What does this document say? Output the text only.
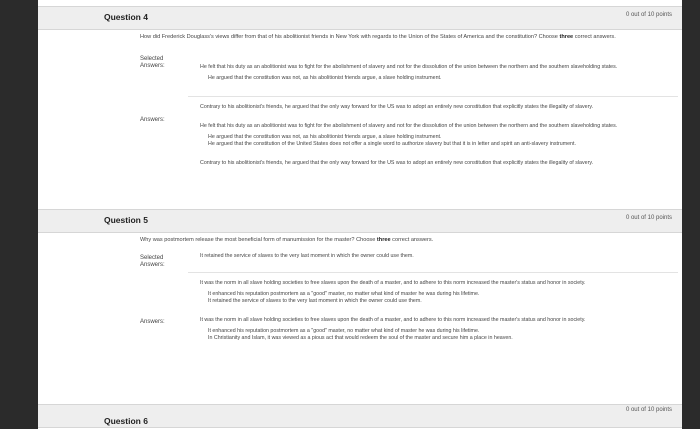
Question 4	0 out of 10 points
How did Frederick Douglass's views differ from that of his abolitionist friends in New York with regards to the Union of the States of America and the constitution? Choose three correct answers.
Selected Answers:	He felt that his duty as an abolitionist was to fight for the abolishment of slavery and not for the dissolution of the union between the northern and the southern slaveholding states.
He argued that the constitution was not, as his abolitionist friends argue, a slave holding instrument.
Answers:
Contrary to his abolitionist's friends, he argued that the only way forward for the US was to adopt an entirely new constitution that explicitly states the illegality of slavery.
He felt that his duty as an abolitionist was to fight for the abolishment of slavery and not for the dissolution of the union between the northern and the southern slaveholding states.
He argued that the constitution was not, as his abolitionist friends argue, a slave holding instrument.
He argued that the constitution of the United States does not offer a single word to authorize slavery but that it is in letter and spirit an anti-slavery instrument.
Contrary to his abolitionist's friends, he argued that the only way forward for the US was to adopt an entirely new constitution that explicitly states the illegality of slavery.
Question 5	0 out of 10 points
Why was postmortem release the most beneficial form of manumission for the master? Choose three correct answers.
Selected Answers:
It retained the service of slaves to the very last moment in which the owner could use them.
Answers:
It was the norm in all slave holding societies to free slaves upon the death of a master, and to adhere to this norm increased the master's status and honor in society.
It enhanced his reputation postmortem as a "good" master, no matter what kind of master he was during his lifetime.
It retained the service of slaves to the very last moment in which the owner could use them.
It was the norm in all slave holding societies to free slaves upon the death of a master, and to adhere to this norm increased the master's status and honor in society.
It enhanced his reputation postmortem as a "good" master, no matter what kind of master he was during his lifetime.
In Christianity and Islam, it was viewed as a pious act that would redeem the soul of the master and secure him a place in heaven.
Question 6
0 out of 10 points
